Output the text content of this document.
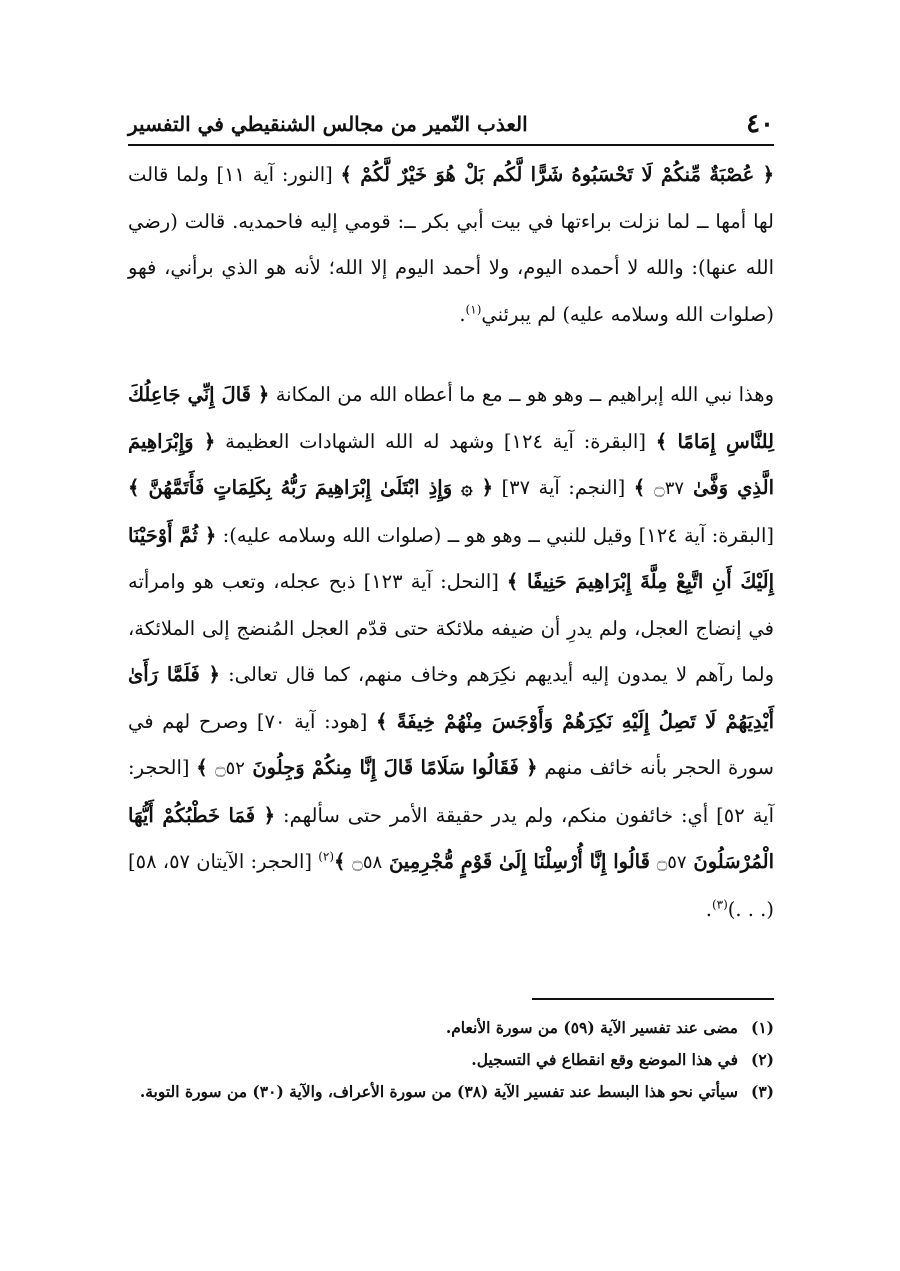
٤٠
العذب النّمير من مجالس الشنقيطي في التفسير

﴿ عُصْبَةٌ مِّنكُمْ لَا تَحْسَبُوهُ شَرًّا لَّكُم بَلْ هُوَ خَيْرٌ لَّكُمْ ﴾ [النور: آية ١١] ولما قالت لها أمها ــ لما نزلت براءتها في بيت أبي بكر ــ: قومي إليه فاحمديه. قالت (رضي الله عنها): والله لا أحمده اليوم، ولا أحمد اليوم إلا الله؛ لأنه هو الذي برأني، فهو (صلوات الله وسلامه عليه) لم يبرئني$^{(١)}$.

وهذا نبي الله إبراهيم ــ وهو هو ــ مع ما أعطاه الله من المكانة ﴿ قَالَ إِنِّي جَاعِلُكَ لِلنَّاسِ إِمَامًا ﴾ [البقرة: آية ١٢٤] وشهد له الله الشهادات العظيمة ﴿ وَإِبْرَاهِيمَ الَّذِي وَفَّىٰ ۝٣٧ ﴾ [النجم: آية ٣٧] ﴿ ۞ وَإِذِ ابْتَلَىٰ إِبْرَاهِيمَ رَبُّهُ بِكَلِمَاتٍ فَأَتَمَّهُنَّ ﴾ [البقرة: آية ١٢٤] وقيل للنبي ــ وهو هو ــ (صلوات الله وسلامه عليه): ﴿ ثُمَّ أَوْحَيْنَا إِلَيْكَ أَنِ اتَّبِعْ مِلَّةَ إِبْرَاهِيمَ حَنِيفًا ﴾ [النحل: آية ١٢٣] ذبح عجله، وتعب هو وامرأته في إنضاج العجل، ولم يدرِ أن ضيفه ملائكة حتى قدّم العجل المُنضج إلى الملائكة، ولما رآهم لا يمدون إليه أيديهم نكِرَهم وخاف منهم، كما قال تعالى: ﴿ فَلَمَّا رَأَىٰ أَيْدِيَهُمْ لَا تَصِلُ إِلَيْهِ نَكِرَهُمْ وَأَوْجَسَ مِنْهُمْ خِيفَةً ﴾ [هود: آية ٧٠] وصرح لهم في سورة الحجر بأنه خائف منهم ﴿ فَقَالُوا سَلَامًا قَالَ إِنَّا مِنكُمْ وَجِلُونَ ۝٥٢ ﴾ [الحجر: آية ٥٢] أي: خائفون منكم، ولم يدر حقيقة الأمر حتى سألهم: ﴿ فَمَا خَطْبُكُمْ أَيُّهَا الْمُرْسَلُونَ ۝٥٧ قَالُوا إِنَّا أُرْسِلْنَا إِلَىٰ قَوْمٍ مُّجْرِمِينَ ۝٥٨ ﴾$^{(٢)}$ [الحجر: الآيتان ٥٧، ٥٨] (. . .)$^{(٣)}$.

(١)
مضى عند تفسير الآية (٥٩) من سورة الأنعام.
(٢)
في هذا الموضع وقع انقطاع في التسجيل.
(٣)
سيأتي نحو هذا البسط عند تفسير الآية (٣٨) من سورة الأعراف، والآية (٣٠) من سورة التوبة.
